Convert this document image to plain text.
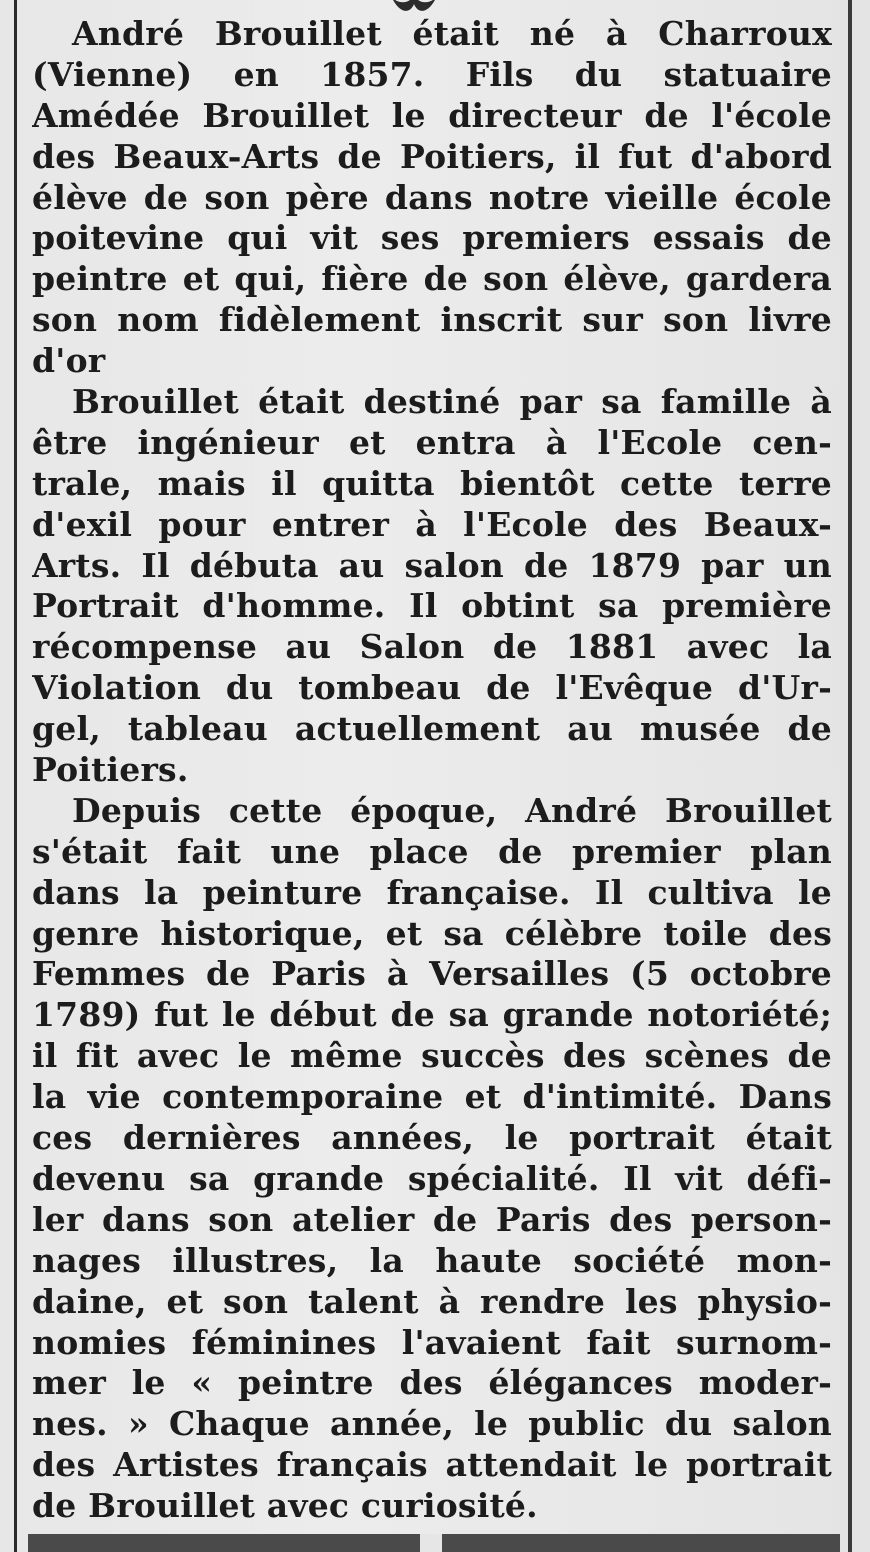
André Brouillet était né à Charroux
(Vienne) en 1857. Fils du statuaire
Amédée Brouillet le directeur de l'école
des Beaux-Arts de Poitiers, il fut d'abord
élève de son père dans notre vieille école
poitevine qui vit ses premiers essais de
peintre et qui, fière de son élève, gardera
son nom fidèlement inscrit sur son livre
d'or
Brouillet était destiné par sa famille à
être ingénieur et entra à l'Ecole cen-
trale, mais il quitta bientôt cette terre
d'exil pour entrer à l'Ecole des Beaux-
Arts. Il débuta au salon de 1879 par un
Portrait d'homme. Il obtint sa première
récompense au Salon de 1881 avec la
Violation du tombeau de l'Evêque d'Ur-
gel, tableau actuellement au musée de
Poitiers.
Depuis cette époque, André Brouillet
s'était fait une place de premier plan
dans la peinture française. Il cultiva le
genre historique, et sa célèbre toile des
Femmes de Paris à Versailles (5 octobre
1789) fut le début de sa grande notoriété;
il fit avec le même succès des scènes de
la vie contemporaine et d'intimité. Dans
ces dernières années, le portrait était
devenu sa grande spécialité. Il vit défi-
ler dans son atelier de Paris des person-
nages illustres, la haute société mon-
daine, et son talent à rendre les physio-
nomies féminines l'avaient fait surnom-
mer le « peintre des élégances moder-
nes. » Chaque année, le public du salon
des Artistes français attendait le portrait
de Brouillet avec curiosité.
